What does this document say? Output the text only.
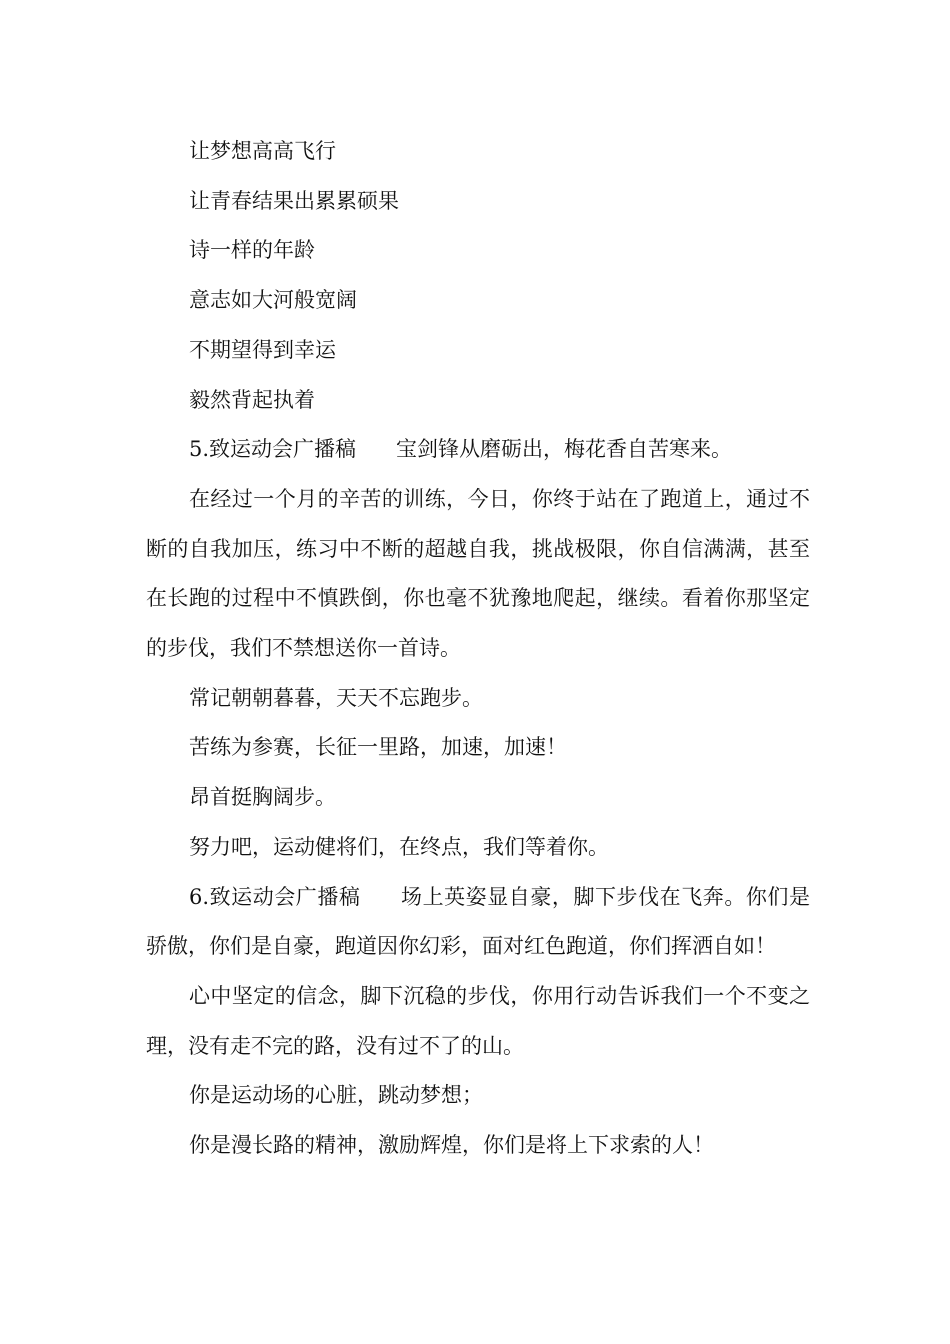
让梦想高高飞行

让青春结果出累累硕果

诗一样的年龄

意志如大河般宽阔

不期望得到幸运

毅然背起执着

5.致运动会广播稿 宝剑锋从磨砺出，梅花香自苦寒来。

在经过一个月的辛苦的训练，今日，你终于站在了跑道上，通过不断的自我加压，练习中不断的超越自我，挑战极限，你自信满满，甚至在长跑的过程中不慎跌倒，你也毫不犹豫地爬起，继续。看着你那坚定的步伐，我们不禁想送你一首诗。

常记朝朝暮暮，天天不忘跑步。

苦练为参赛，长征一里路，加速，加速！

昂首挺胸阔步。

努力吧，运动健将们，在终点，我们等着你。

6.致运动会广播稿 场上英姿显自豪，脚下步伐在飞奔。你们是骄傲，你们是自豪，跑道因你幻彩，面对红色跑道，你们挥洒自如！

心中坚定的信念，脚下沉稳的步伐，你用行动告诉我们一个不变之理，没有走不完的路，没有过不了的山。

你是运动场的心脏，跳动梦想；

你是漫长路的精神，激励辉煌，你们是将上下求索的人！
